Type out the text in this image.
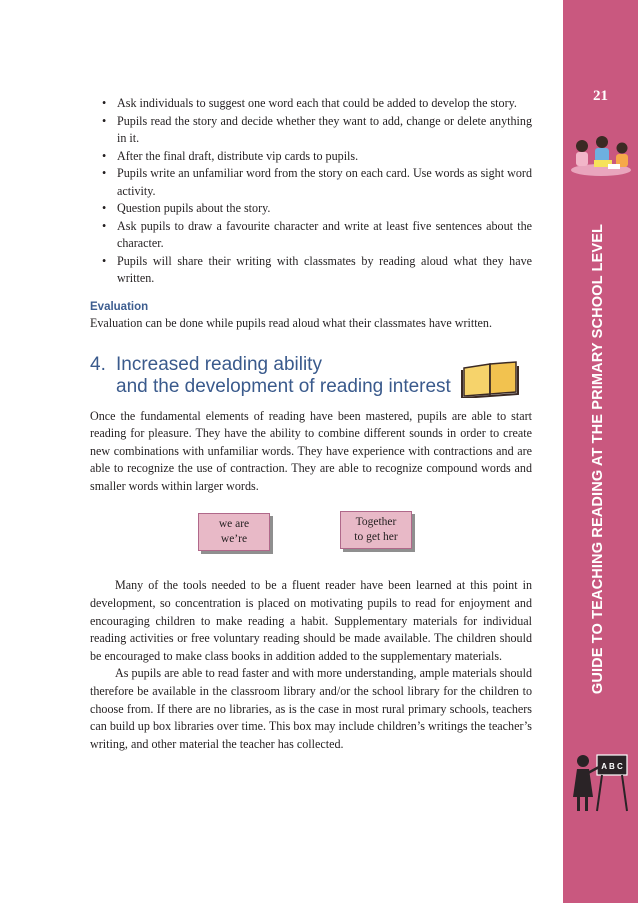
21
GUIDE TO TEACHING READING AT THE PRIMARY SCHOOL LEVEL
A B C
• Ask individuals to suggest one word each that could be added to develop the story.
• Pupils read the story and decide whether they want to add, change or delete anything in it.
• After the final draft, distribute vip cards to pupils.
• Pupils write an unfamiliar word from the story on each card. Use words as sight word activity.
• Question pupils about the story.
• Ask pupils to draw a favourite character and write at least five sentences about the character.
• Pupils will share their writing with classmates by reading aloud what they have written.
Evaluation
Evaluation can be done while pupils read aloud what their classmates have written.
4. Increased reading ability
and the development of reading interest

Once the fundamental elements of reading have been mastered, pupils are able to start reading for pleasure. They have the ability to combine different sounds in order to create new combinations with unfamiliar words. They have experience with contractions and are able to recognize the use of contraction. They are able to recognize compound words and smaller words within larger words.

we are
we’re
Together
to get her

Many of the tools needed to be a fluent reader have been learned at this point in development, so concentration is placed on motivating pupils to read for enjoyment and encouraging children to make reading a habit. Supplementary materials for individual reading activities or free voluntary reading should be made available. The children should be encouraged to make class books in addition added to the supplementary materials.

As pupils are able to read faster and with more understanding, ample materials should therefore be available in the classroom library and/or the school library for the children to choose from. If there are no libraries, as is the case in most rural primary schools, teachers can build up box libraries over time. This box may include children’s writings the teacher’s writing, and other material the teacher has collected.
